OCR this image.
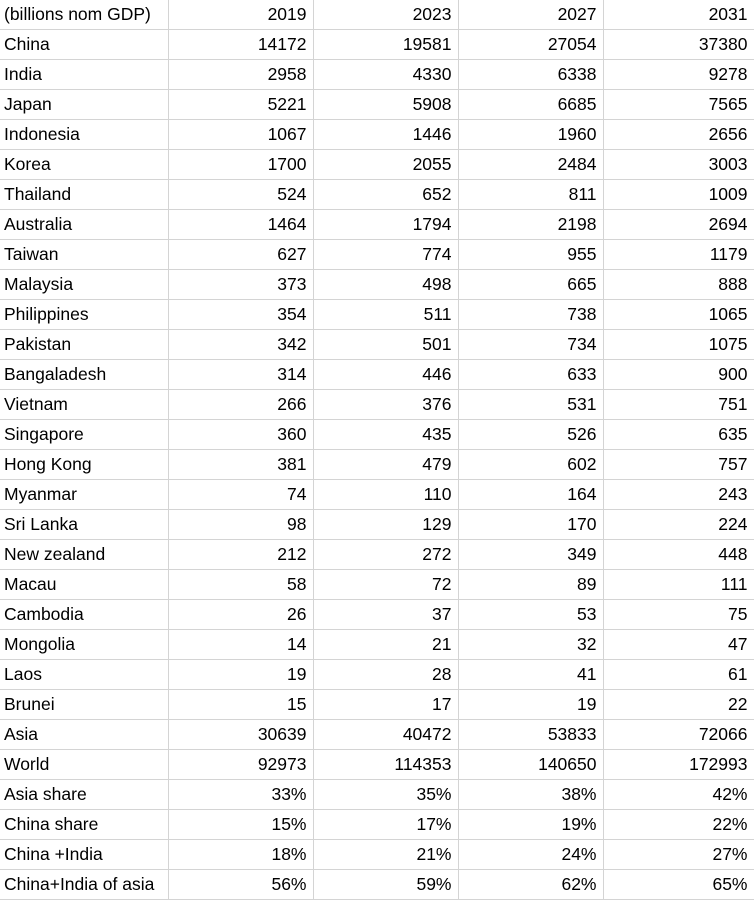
(billions nom GDP)	2019	2023	2027	2031
China	14172	19581	27054	37380
India	2958	4330	6338	9278
Japan	5221	5908	6685	7565
Indonesia	1067	1446	1960	2656
Korea	1700	2055	2484	3003
Thailand	524	652	811	1009
Australia	1464	1794	2198	2694
Taiwan	627	774	955	1179
Malaysia	373	498	665	888
Philippines	354	511	738	1065
Pakistan	342	501	734	1075
Bangaladesh	314	446	633	900
Vietnam	266	376	531	751
Singapore	360	435	526	635
Hong Kong	381	479	602	757
Myanmar	74	110	164	243
Sri Lanka	98	129	170	224
New zealand	212	272	349	448
Macau	58	72	89	111
Cambodia	26	37	53	75
Mongolia	14	21	32	47
Laos	19	28	41	61
Brunei	15	17	19	22
Asia	30639	40472	53833	72066
World	92973	114353	140650	172993
Asia share	33%	35%	38%	42%
China share	15%	17%	19%	22%
China +India	18%	21%	24%	27%
China+India of asia	56%	59%	62%	65%
